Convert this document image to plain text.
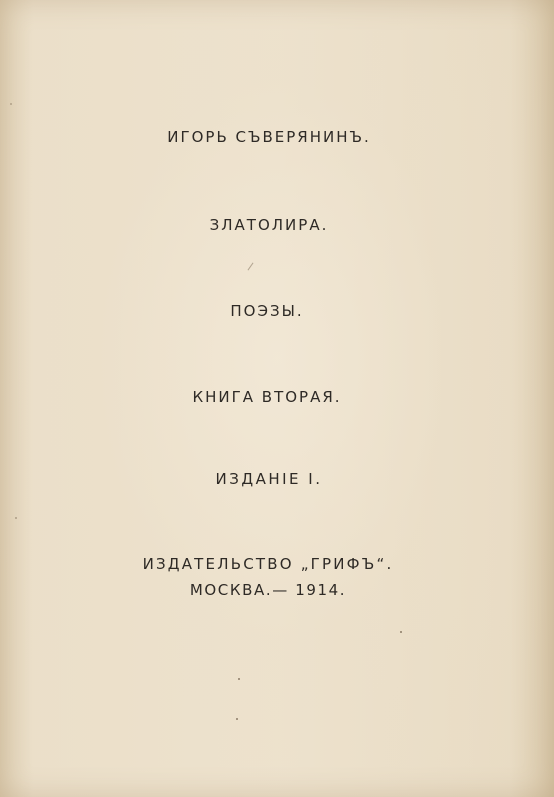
ИГОРЬ СЪВЕРЯНИНЪ.
ЗЛАТОЛИРА.
ПОЭЗЫ.
КНИГА ВТОРАЯ.
ИЗДАНІЕ I.
ИЗДАТЕЛЬСТВО „ГРИФЪ“.
МОСКВА.— 1914.
